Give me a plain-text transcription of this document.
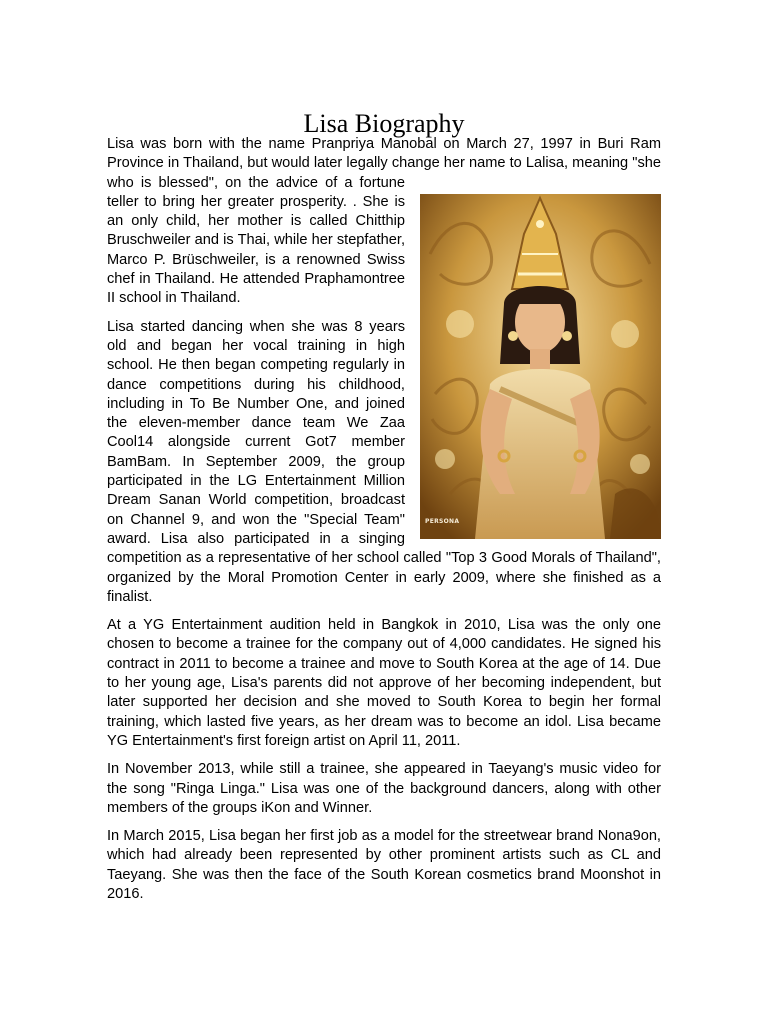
Lisa Biography

Lisa was born with the name Pranpriya Manobal on March 27, 1997 in Buri Ram Province in Thailand, but would later legally change her name to Lalisa, meaning
PERSONA
"she who is blessed", on the advice of a fortune teller to bring her greater prosperity. . She is an only child, her mother is called Chitthip Bruschweiler and is Thai, while her stepfather, Marco P. Brüschweiler, is a renowned Swiss chef in Thailand. He attended Praphamontree II school in Thailand.

Lisa started dancing when she was 8 years old and began her vocal training in high school. He then began competing regularly in dance competitions during his childhood, including in To Be Number One, and joined the eleven-member dance team We Zaa Cool14 alongside current Got7 member BamBam. In September 2009, the group participated in the LG Entertainment Million Dream Sanan World competition, broadcast on Channel 9, and won the "Special Team" award. Lisa also participated in a singing competition as a representative of her school called "Top 3 Good Morals of Thailand", organized by the Moral Promotion Center in early 2009, where she finished as a finalist.

At a YG Entertainment audition held in Bangkok in 2010, Lisa was the only one chosen to become a trainee for the company out of 4,000 candidates. He signed his contract in 2011 to become a trainee and move to South Korea at the age of 14. Due to her young age, Lisa's parents did not approve of her becoming independent, but later supported her decision and she moved to South Korea to begin her formal training, which lasted five years, as her dream was to become an idol. Lisa became YG Entertainment's first foreign artist on April 11, 2011.

In November 2013, while still a trainee, she appeared in Taeyang's music video for the song "Ringa Linga." Lisa was one of the background dancers, along with other members of the groups iKon and Winner.

In March 2015, Lisa began her first job as a model for the streetwear brand Nona9on, which had already been represented by other prominent artists such as CL and Taeyang. She was then the face of the South Korean cosmetics brand Moonshot in 2016.
